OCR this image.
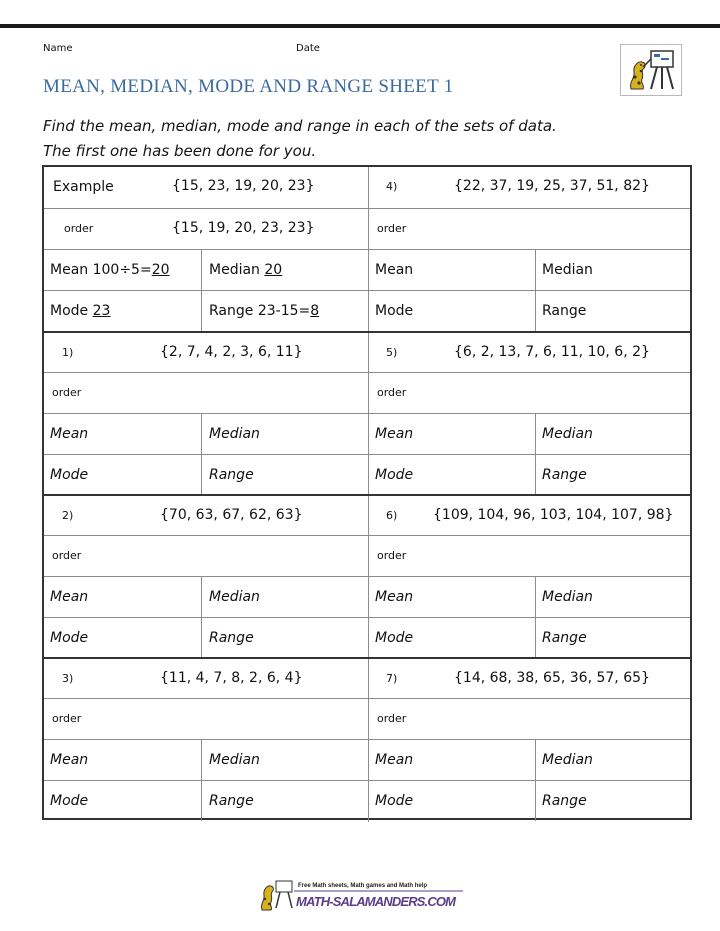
Name	Date
MEAN, MEDIAN, MODE AND RANGE SHEET 1
Find the mean, median, mode and range in each of the sets of data.
The first one has been done for you.
Example	{15, 23, 19, 20, 23}	4)	{22, 37, 19, 25, 37, 51, 82}
order	{15, 19, 20, 23, 23}	order
Mean 100÷5=20	Median 20	Mean	Median
Mode 23	Range 23-15=8	Mode	Range
1)	{2, 7, 4, 2, 3, 6, 11}	5)	{6, 2, 13, 7, 6, 11, 10, 6, 2}
order	order
Mean	Median	Mean	Median
Mode	Range	Mode	Range
2)	{70, 63, 67, 62, 63}	6)	{109, 104, 96, 103, 104, 107, 98}
order	order
Mean	Median	Mean	Median
Mode	Range	Mode	Range
3)	{11, 4, 7, 8, 2, 6, 4}	7)	{14, 68, 38, 65, 36, 57, 65}
order	order
Mean	Median	Mean	Median
Mode	Range	Mode	Range
Free Math sheets, Math games and Math help
MATH-SALAMANDERS.COM
